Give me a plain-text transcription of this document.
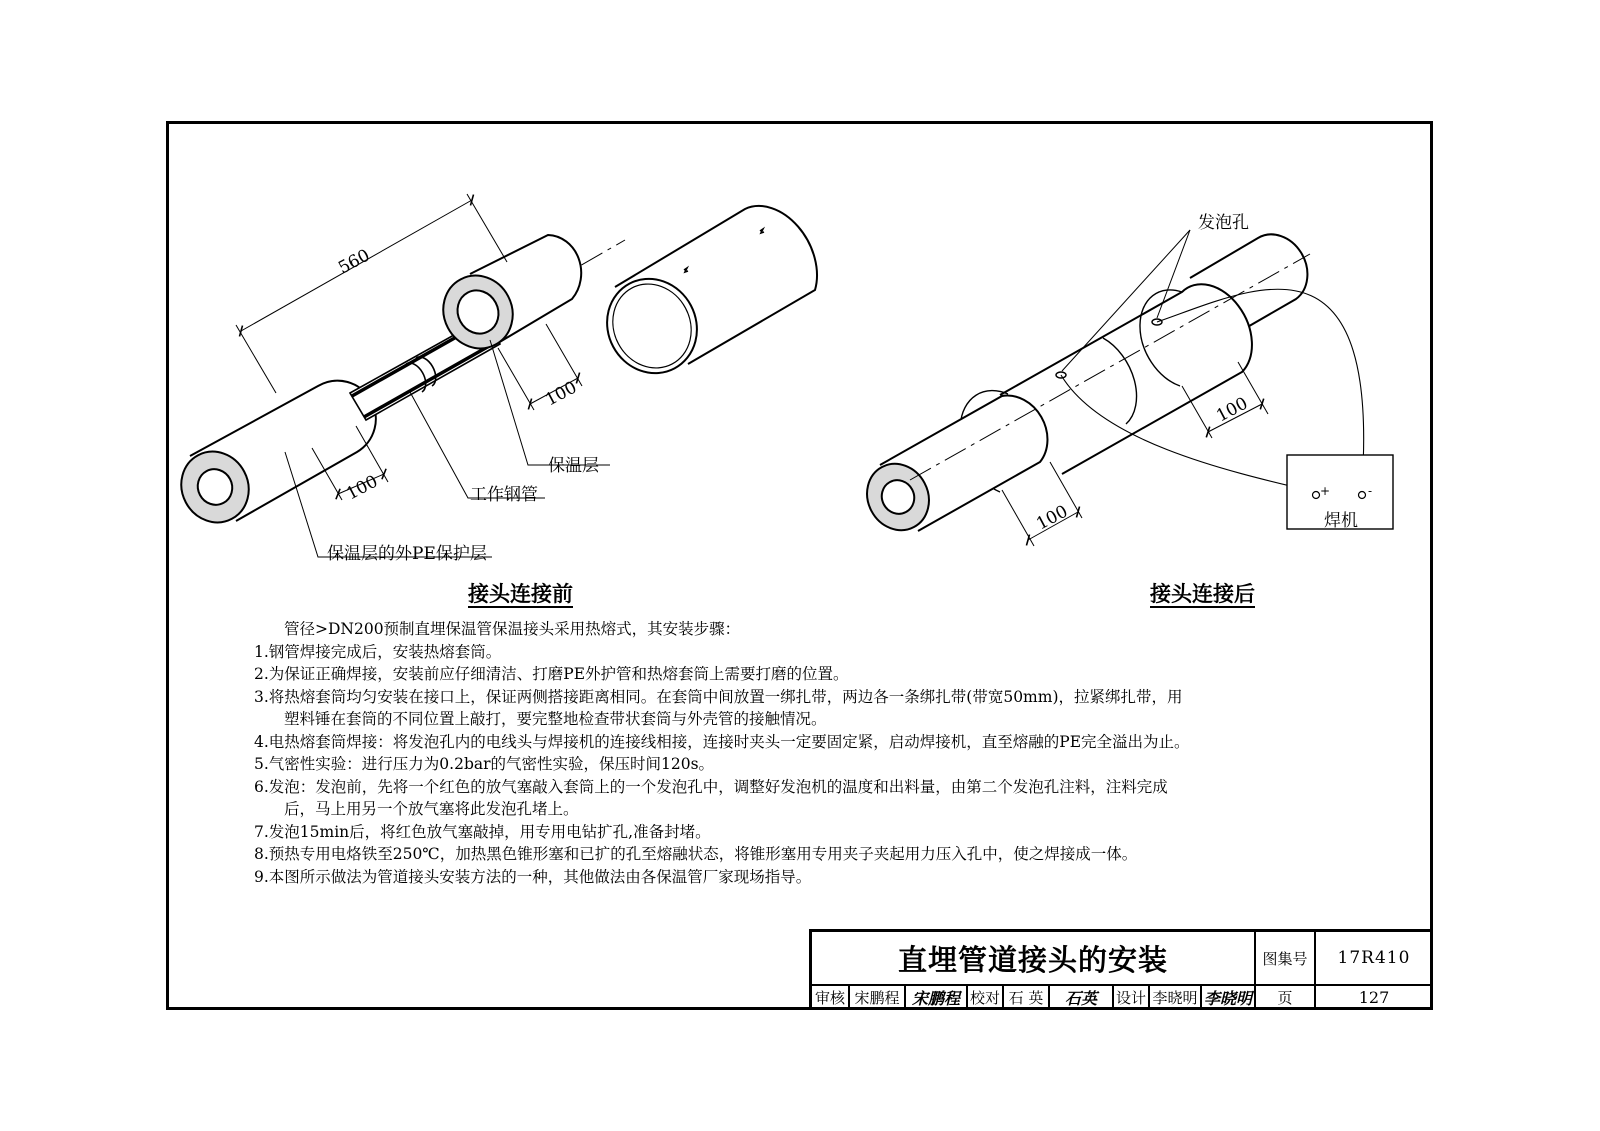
560
100
100
保温层
工作钢管
保温层的外PE保护层
发泡孔
100
100
+	-
焊机
接头连接前	接头连接后
管径>DN200预制直埋保温管保温接头采用热熔式，其安装步骤：
1.钢管焊接完成后，安装热熔套筒。
2.为保证正确焊接，安装前应仔细清洁、打磨PE外护管和热熔套筒上需要打磨的位置。
3.将热熔套筒均匀安装在接口上，保证两侧搭接距离相同。在套筒中间放置一绑扎带，两边各一条绑扎带(带宽50mm)，拉紧绑扎带，用
塑料锤在套筒的不同位置上敲打，要完整地检查带状套筒与外壳管的接触情况。
4.电热熔套筒焊接：将发泡孔内的电线头与焊接机的连接线相接，连接时夹头一定要固定紧，启动焊接机，直至熔融的PE完全溢出为止。
5.气密性实验：进行压力为0.2bar的气密性实验，保压时间120s。
6.发泡：发泡前，先将一个红色的放气塞敲入套筒上的一个发泡孔中，调整好发泡机的温度和出料量，由第二个发泡孔注料，注料完成
后，马上用另一个放气塞将此发泡孔堵上。
7.发泡15min后，将红色放气塞敲掉，用专用电钻扩孔,准备封堵。
8.预热专用电烙铁至250℃，加热黑色锥形塞和已扩的孔至熔融状态，将锥形塞用专用夹子夹起用力压入孔中，使之焊接成一体。
9.本图所示做法为管道接头安装方法的一种，其他做法由各保温管厂家现场指导。
直埋管道接头的安装	图集号	17R410
审核 宋鹏程 宋鹏程 校对 石 英	石英	设计 李晓明 李晓明	页	127
